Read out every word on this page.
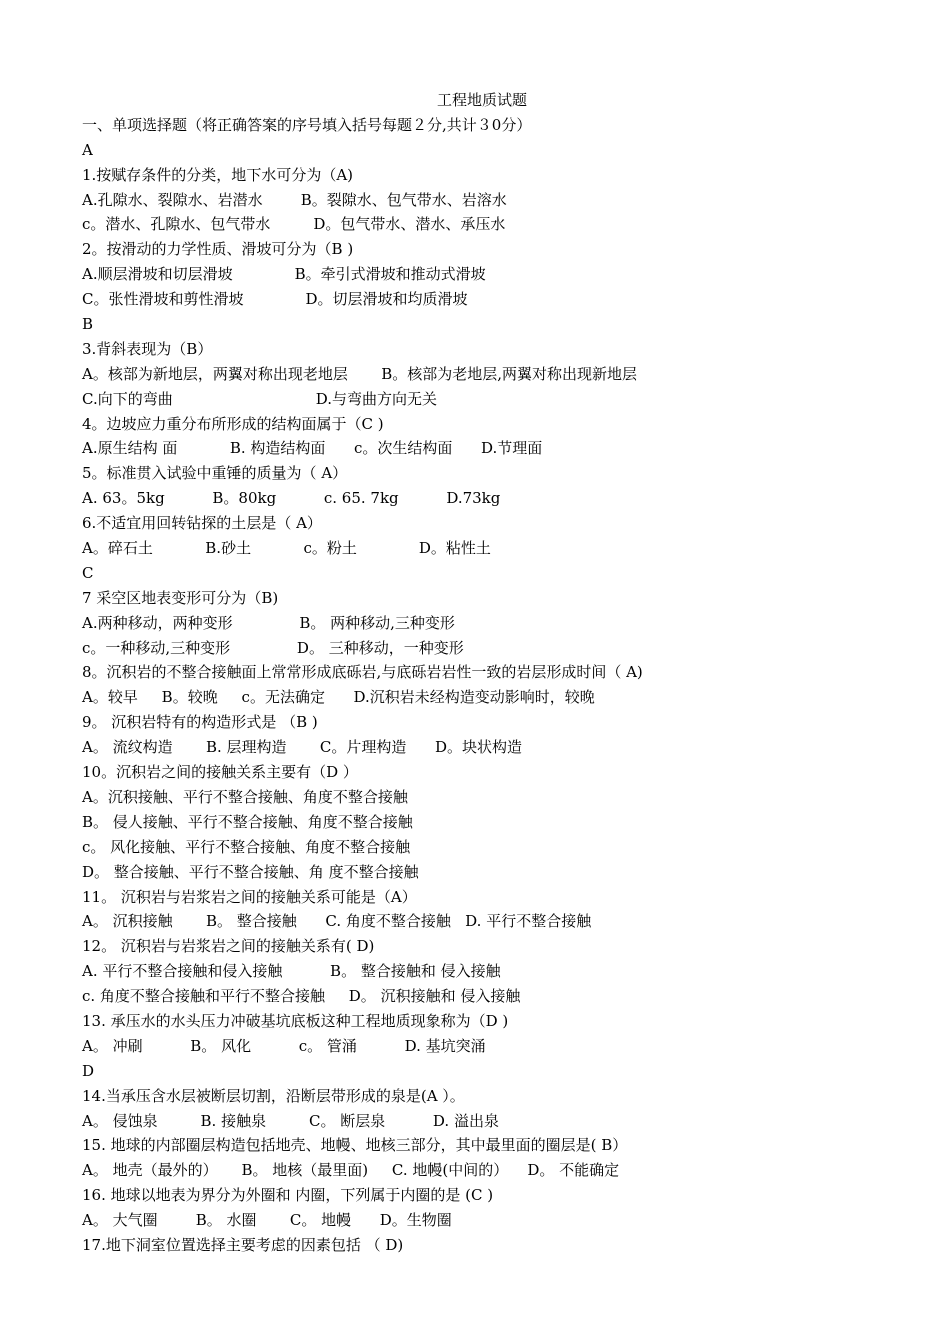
工程地质试题
一、单项选择题（将正确答案的序号填入括号每题２分,共计３0分）
A
1.按赋存条件的分类，地下水可分为（A)
A.孔隙水、裂隙水、岩潜水        B。裂隙水、包气带水、岩溶水
c。潜水、孔隙水、包气带水         D。包气带水、潜水、承压水
2。按滑动的力学性质、滑坡可分为（B )
A.顺层滑坡和切层滑坡             B。牵引式滑坡和推动式滑坡
C。张性滑坡和剪性滑坡             D。切层滑坡和均质滑坡
B
3.背斜表现为（B）
A。核部为新地层，两翼对称出现老地层       B。核部为老地层,两翼对称出现新地层
C.向下的弯曲                              D.与弯曲方向无关
4。边坡应力重分布所形成的结构面属于（C )
A.原生结构 面           B. 构造结构面      c。次生结构面      D.节理面
5。标准贯入试验中重锤的质量为（ A）
A. 63。5kg          B。80kg          c. 65. 7kg          D.73kg
6.不适宜用回转钻探的土层是（ A）
A。碎石土           B.砂土           c。粉土             D。粘性土
C
7 采空区地表变形可分为（B)
A.两种移动，两种变形              B。 两种移动,三种变形
c。一种移动,三种变形              D。 三种移动，一种变形
8。沉积岩的不整合接触面上常常形成底砾岩,与底砾岩岩性一致的岩层形成时间（ A)
A。较早     B。较晚     c。无法确定      D.沉积岩未经构造变动影响时，较晚
9。 沉积岩特有的构造形式是 （B )
A。 流纹构造       B. 层理构造       C。片理构造      D。块状构造
10。沉积岩之间的接触关系主要有（D ）
A。沉积接触、平行不整合接触、角度不整合接触
B。 侵人接触、平行不整合接触、角度不整合接触
c。 风化接触、平行不整合接触、角度不整合接触
D。 整合接触、平行不整合接触、角 度不整合接触
11。 沉积岩与岩浆岩之间的接触关系可能是（A）
A。 沉积接触       B。 整合接触      C. 角度不整合接触   D. 平行不整合接触
12。 沉积岩与岩浆岩之间的接触关系有( D)
A. 平行不整合接触和侵入接触          B。 整合接触和 侵入接触
c. 角度不整合接触和平行不整合接触     D。 沉积接触和 侵入接触
13. 承压水的水头压力冲破基坑底板这种工程地质现象称为（D )
A。 冲刷          B。 风化          c。 管涌          D. 基坑突涌
D
14.当承压含水层被断层切割，沿断层带形成的泉是(A ）。
A。 侵蚀泉         B. 接触泉         C。 断层泉          D. 溢出泉
15. 地球的内部圈层构造包括地壳、地幔、地核三部分，其中最里面的圈层是( B）
A。 地壳（最外的）     B。 地核（最里面)     C. 地幔(中间的）    D。 不能确定
16. 地球以地表为界分为外圈和 内圈，下列属于内圈的是 (C )
A。 大气圈        B。 水圈       C。 地幔      D。生物圈
17.地下洞室位置选择主要考虑的因素包括 （ D)
